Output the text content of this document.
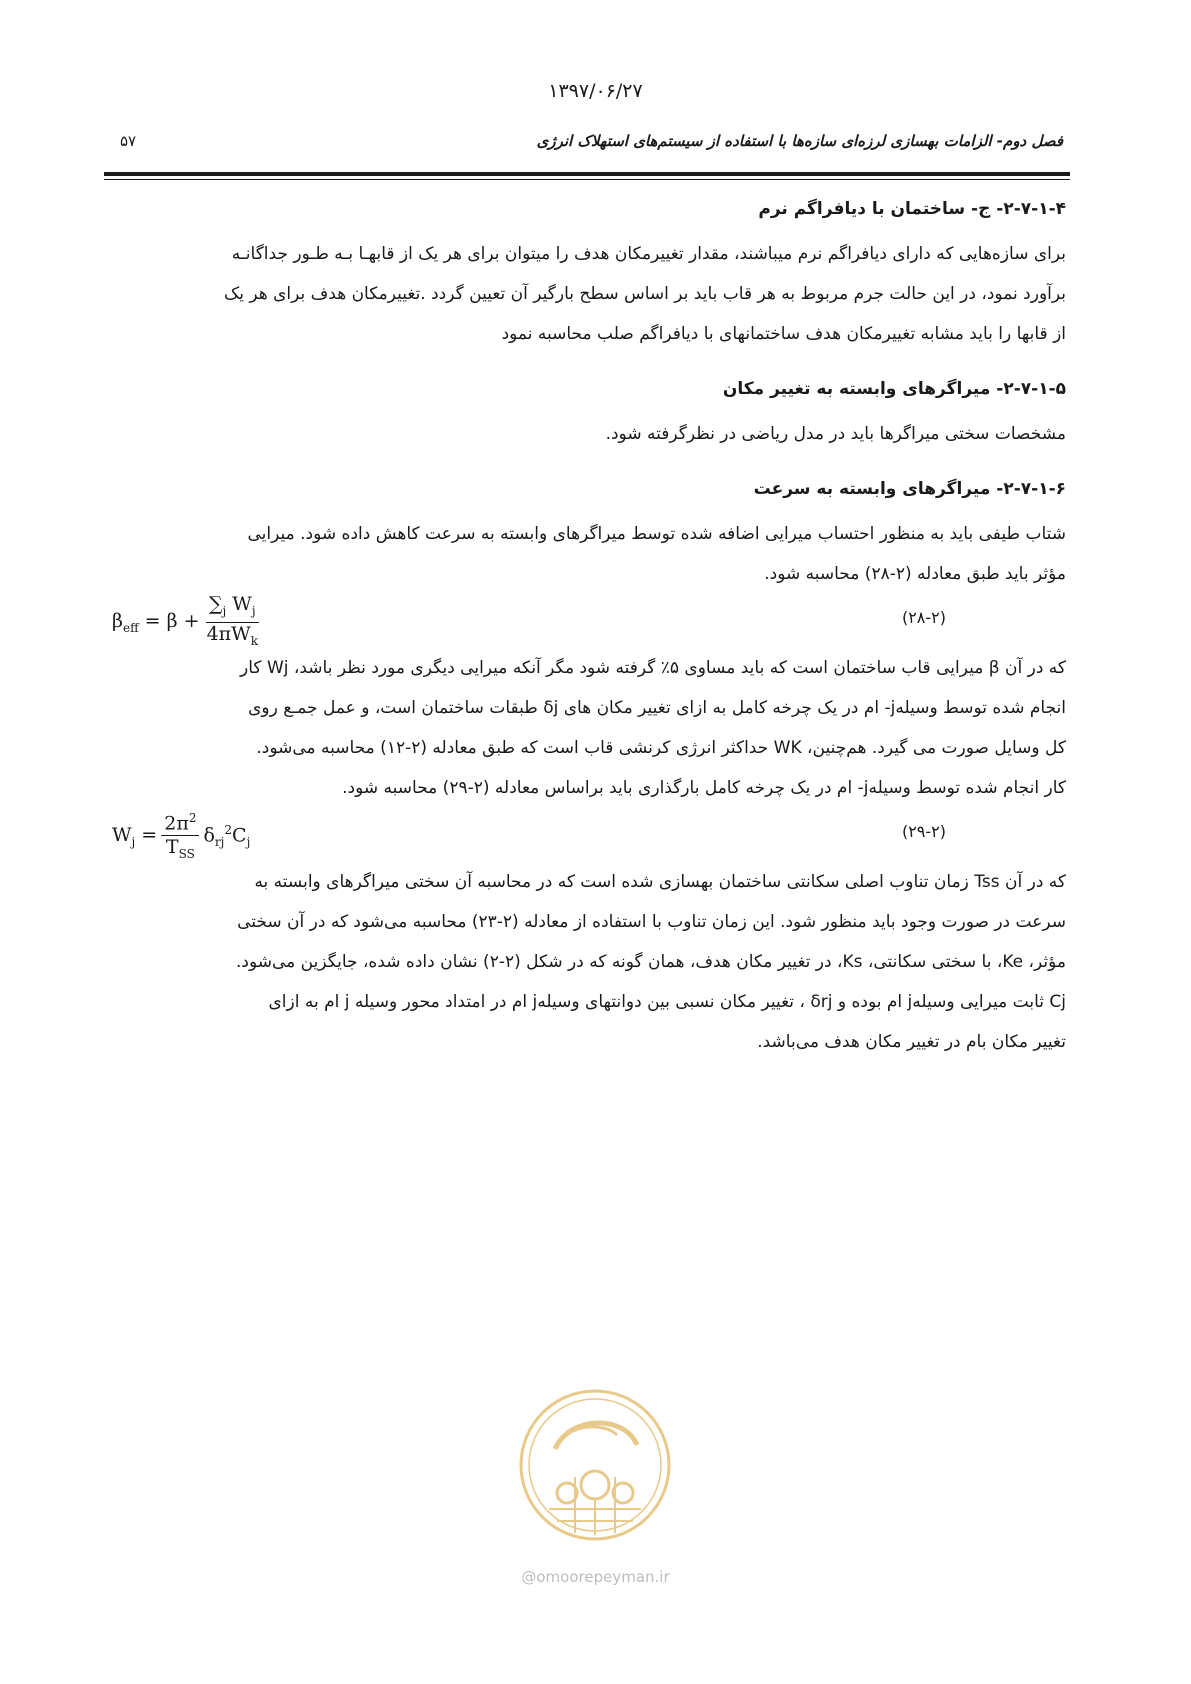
۱۳۹۷/۰۶/۲۷
فصل دوم- الزامات بهسازی لرزه‌ای سازه‌ها با استفاده از سیستم‌های استهلاک انرژی
۵۷

۲-۷-۱-۴- ج- ساختمان با دیافراگم نرم

برای سازه‌هایی که دارای دیافراگم نرم میباشند، مقدار تغییرمکان هدف را میتوان برای هر یک از قابهـا بـه طـور جداگانـه

برآورد نمود، در این حالت جرم مربوط به هر قاب باید بر اساس سطح بارگیر آن تعیین گردد .تغییرمکان هدف برای هر یک

از قابها را باید مشابه تغییرمکان هدف ساختمانهای با دیافراگم صلب محاسبه نمود

۲-۷-۱-۵- میراگرهای وابسته به تغییر مکان

مشخصات سختی میراگرها باید در مدل ریاضی در نظرگرفته شود.

۲-۷-۱-۶- میراگرهای وابسته به سرعت

شتاب طیفی باید به منظور احتساب میرایی اضافه شده توسط میراگرهای وابسته به سرعت کاهش داده شود. میرایی

مؤثر باید طبق معادله (۲-۲۸) محاسبه شود.

$\beta_{eff} = \beta + \frac{\sum_j W_j}{4\pi W_k}$	(۲۸-۲)

که در آن β میرایی قاب ساختمان است که باید مساوی ۵٪ گرفته شود مگر آنکه میرایی دیگری مورد نظر باشد، Wj کار

انجام شده توسط وسیله‌j- ام در یک چرخه کامل به ازای تغییر مکان های δj طبقات ساختمان است، و عمل جمـع روی

کل وسایل صورت می گیرد. هم‌چنین، WK حداکثر انرژی کرنشی قاب است که طبق معادله (۲-۱۲) محاسبه می‌شود.

کار انجام شده توسط وسیله‌j- ام در یک چرخه کامل بارگذاری باید براساس معادله (۲-۲۹) محاسبه شود.

$W_j = \frac{2\pi^2}{T_{SS}} \delta_{rj}^2C_j$
(۲۹-۲)

که در آن Tss زمان تناوب اصلی سکانتی ساختمان بهسازی شده است که در محاسبه آن سختی میراگرهای وابسته به

سرعت در صورت وجود باید منظور شود. این زمان تناوب با استفاده از معادله (۲-۲۳) محاسبه می‌شود که در آن سختی

مؤثر، Ke، با سختی سکانتی، Ks، در تغییر مکان هدف، همان گونه که در شکل (۲-۲) نشان داده شده، جایگزین می‌شود.

Cj ثابت میرایی وسیله‌j ام بوده و δrj ، تغییر مکان نسبی بین دوانتهای وسیله‌j ام در امتداد محور وسیله j ام به ازای

تغییر مکان بام در تغییر مکان هدف می‌باشد.

@omoorepeyman.ir
